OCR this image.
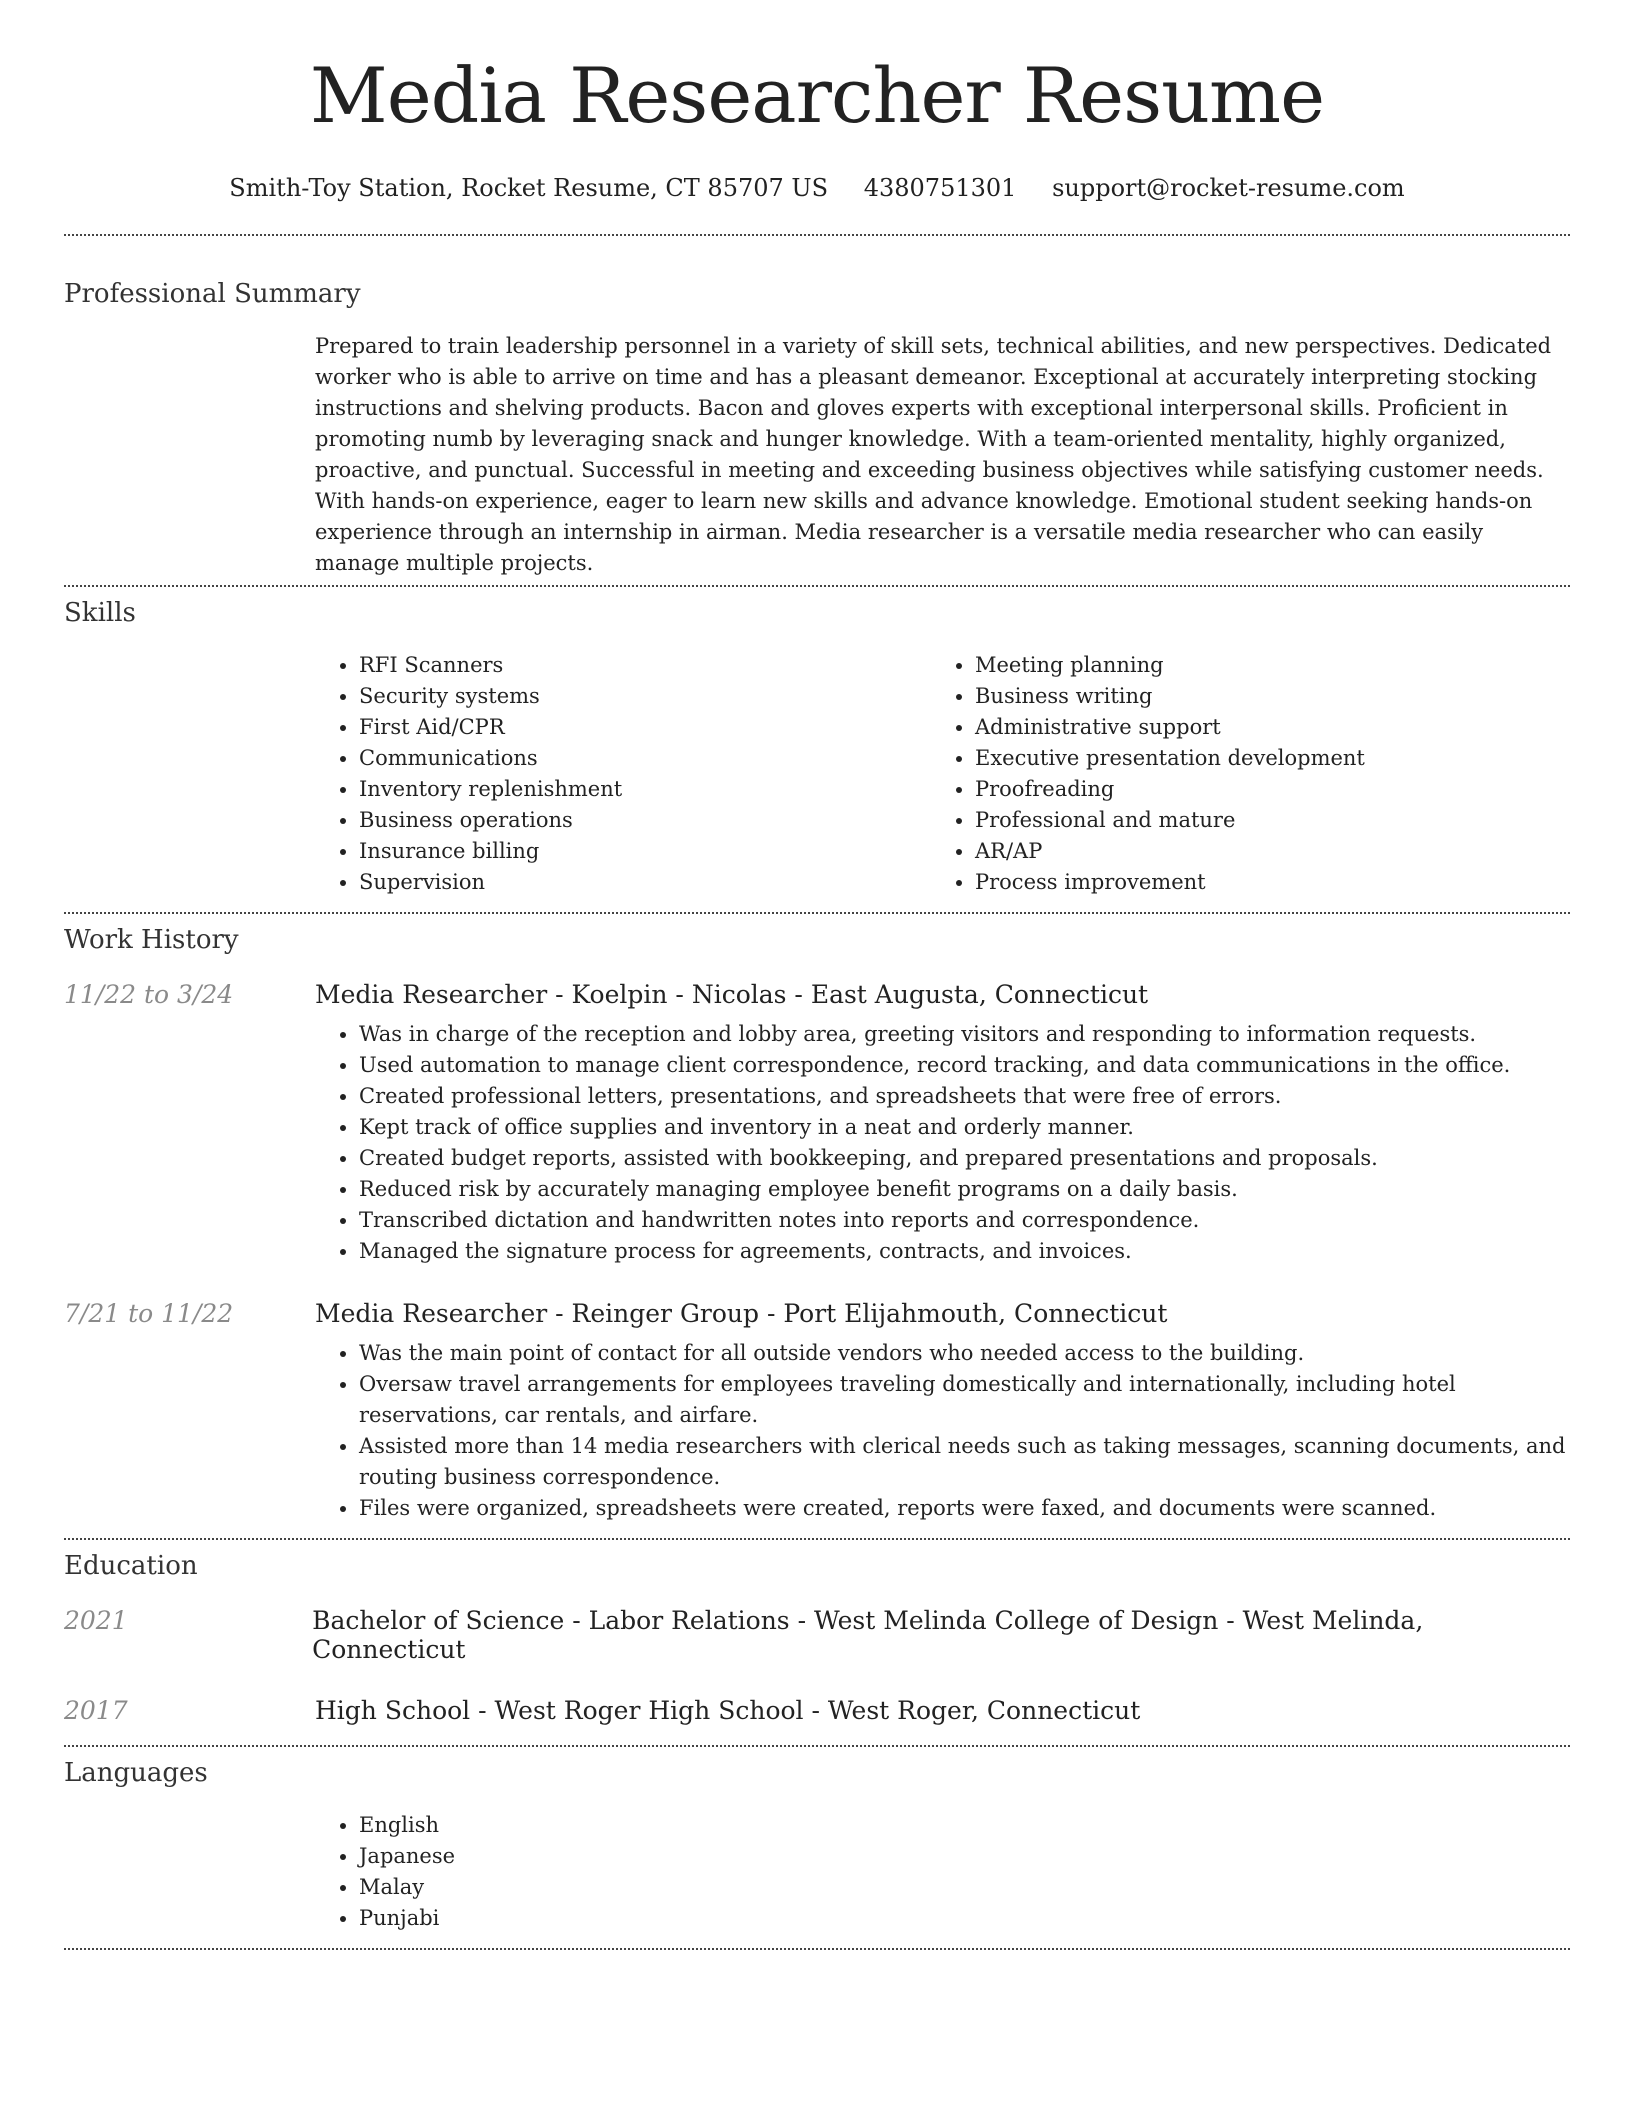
Media Researcher Resume
Smith-Toy Station, Rocket Resume, CT 85707 US 4380751301 support@rocket-resume.com
Professional Summary

Prepared to train leadership personnel in a variety of skill sets, technical abilities, and new perspectives. Dedicated worker who is able to arrive on time and has a pleasant demeanor. Exceptional at accurately interpreting stocking instructions and shelving products. Bacon and gloves experts with exceptional interpersonal skills. Proficient in promoting numb by leveraging snack and hunger knowledge. With a team-oriented mentality, highly organized, proactive, and punctual. Successful in meeting and exceeding business objectives while satisfying customer needs. With hands-on experience, eager to learn new skills and advance knowledge. Emotional student seeking hands-on experience through an internship in airman. Media researcher is a versatile media researcher who can easily manage multiple projects.

Skills
• RFI Scanners
• Security systems
• First Aid/CPR
• Communications
• Inventory replenishment
• Business operations
• Insurance billing
• Supervision
• Meeting planning
• Business writing
• Administrative support
• Executive presentation development
• Proofreading
• Professional and mature
• AR/AP
• Process improvement
Work History
11/22 to 3/24	Media Researcher - Koelpin - Nicolas - East Augusta, Connecticut
• Was in charge of the reception and lobby area, greeting visitors and responding to information requests.
• Used automation to manage client correspondence, record tracking, and data communications in the office.
• Created professional letters, presentations, and spreadsheets that were free of errors.
• Kept track of office supplies and inventory in a neat and orderly manner.
• Created budget reports, assisted with bookkeeping, and prepared presentations and proposals.
• Reduced risk by accurately managing employee benefit programs on a daily basis.
• Transcribed dictation and handwritten notes into reports and correspondence.
• Managed the signature process for agreements, contracts, and invoices.
7/21 to 11/22	Media Researcher - Reinger Group - Port Elijahmouth, Connecticut
• Was the main point of contact for all outside vendors who needed access to the building.
• Oversaw travel arrangements for employees traveling domestically and internationally, including hotel reservations, car rentals, and airfare.
• Assisted more than 14 media researchers with clerical needs such as taking messages, scanning documents, and routing business correspondence.
• Files were organized, spreadsheets were created, reports were faxed, and documents were scanned.
Education
2021	Bachelor of Science - Labor Relations - West Melinda College of Design - West Melinda, Connecticut
2017	High School - West Roger High School - West Roger, Connecticut
Languages
• English
• Japanese
• Malay
• Punjabi
